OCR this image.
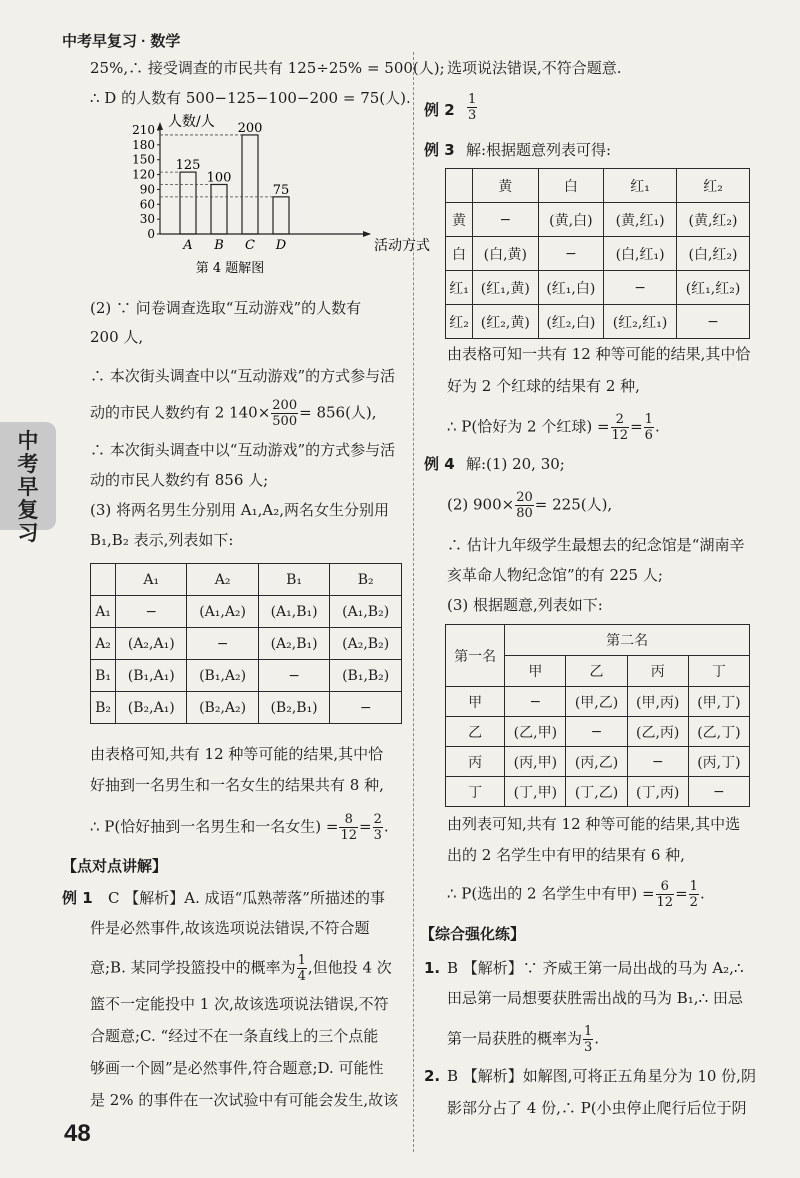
中考早复习 · 数学
中考早复习
48
25%,∴ 接受调查的市民共有 125÷25% = 500(人);
∴ D 的人数有 500−125−100−200 = 75(人).
0
30
60
90
120
150
180
210
125
A
100
B
200
C
75
D
人数/人
活动方式
第 4 题解图
(2) ∵ 问卷调查选取“互动游戏”的人数有
200 人,
∴ 本次街头调查中以“互动游戏”的方式参与活
动的市民人数约有 2 $140\times \frac{200}{500} = 856$(人),
∴ 本次街头调查中以“互动游戏”的方式参与活
动的市民人数约有 856 人;
(3) 将两名男生分别用 A₁,A₂,两名女生分别用
B₁,B₂ 表示,列表如下:
	A₁	A₂	B₁	B₂
A₁	−	(A₁,A₂)	(A₁,B₁)	(A₁,B₂)
A₂	(A₂,A₁)	−	(A₂,B₁)	(A₂,B₂)
B₁	(B₁,A₁)	(B₁,A₂)	−	(B₁,B₂)
B₂	(B₂,A₁)	(B₂,A₂)	(B₂,B₁)	−
由表格可知,共有 12 种等可能的结果,其中恰
好抽到一名男生和一名女生的结果共有 8 种,
∴ P(恰好抽到一名男生和一名女生) = $\frac{8}{12} = \frac{2}{3}$ .
【点对点讲解】
例 1 C 【解析】A. 成语“瓜熟蒂落”所描述的事
件是必然事件,故该选项说法错误,不符合题
意;B. 某同学投篮投中的概率为 $\frac{1}{4}$ ,但他投 4 次
篮不一定能投中 1 次,故该选项说法错误,不符
合题意;C. “经过不在一条直线上的三个点能
够画一个圆”是必然事件,符合题意;D. 可能性
是 2% 的事件在一次试验中有可能会发生,故该
选项说法错误,不符合题意.
例 $2 \frac{1}{3}$
例 3 解:根据题意列表可得:
	黄	白	红₁	红₂
黄	−	(黄,白)	(黄,红₁)	(黄,红₂)
白	(白,黄)	−	(白,红₁)	(白,红₂)
红₁	(红₁,黄)	(红₁,白)	−	(红₁,红₂)
红₂	(红₂,黄)	(红₂,白)	(红₂,红₁)	−
由表格可知一共有 12 种等可能的结果,其中恰
好为 2 个红球的结果有 2 种,
∴ P(恰好为 2 个红球) = $\frac{2}{12} = \frac{1}{6}$ .
例 4 解:(1) 20, 30;
(2) $900\times \frac{20}{80} = 225$(人),
∴ 估计九年级学生最想去的纪念馆是“湖南辛
亥革命人物纪念馆”的有 225 人;
(3) 根据题意,列表如下:
第一名	第二名			
	甲	乙	丙	丁
甲	−	(甲,乙)	(甲,丙)	(甲,丁)
乙	(乙,甲)	−	(乙,丙)	(乙,丁)
丙	(丙,甲)	(丙,乙)	−	(丙,丁)
丁	(丁,甲)	(丁,乙)	(丁,丙)	−
由列表可知,共有 12 种等可能的结果,其中选
出的 2 名学生中有甲的结果有 6 种,
∴ P(选出的 2 名学生中有甲) = $\frac{6}{12} = \frac{1}{2}$ .
【综合强化练】
1. B 【解析】∵ 齐威王第一局出战的马为 A₂,∴
田忌第一局想要获胜需出战的马为 B₁,∴ 田忌
第一局获胜的概率为 $\frac{1}{3}$ .
2. B 【解析】如解图,可将正五角星分为 10 份,阴
影部分占了 4 份,∴ P(小虫停止爬行后位于阴
